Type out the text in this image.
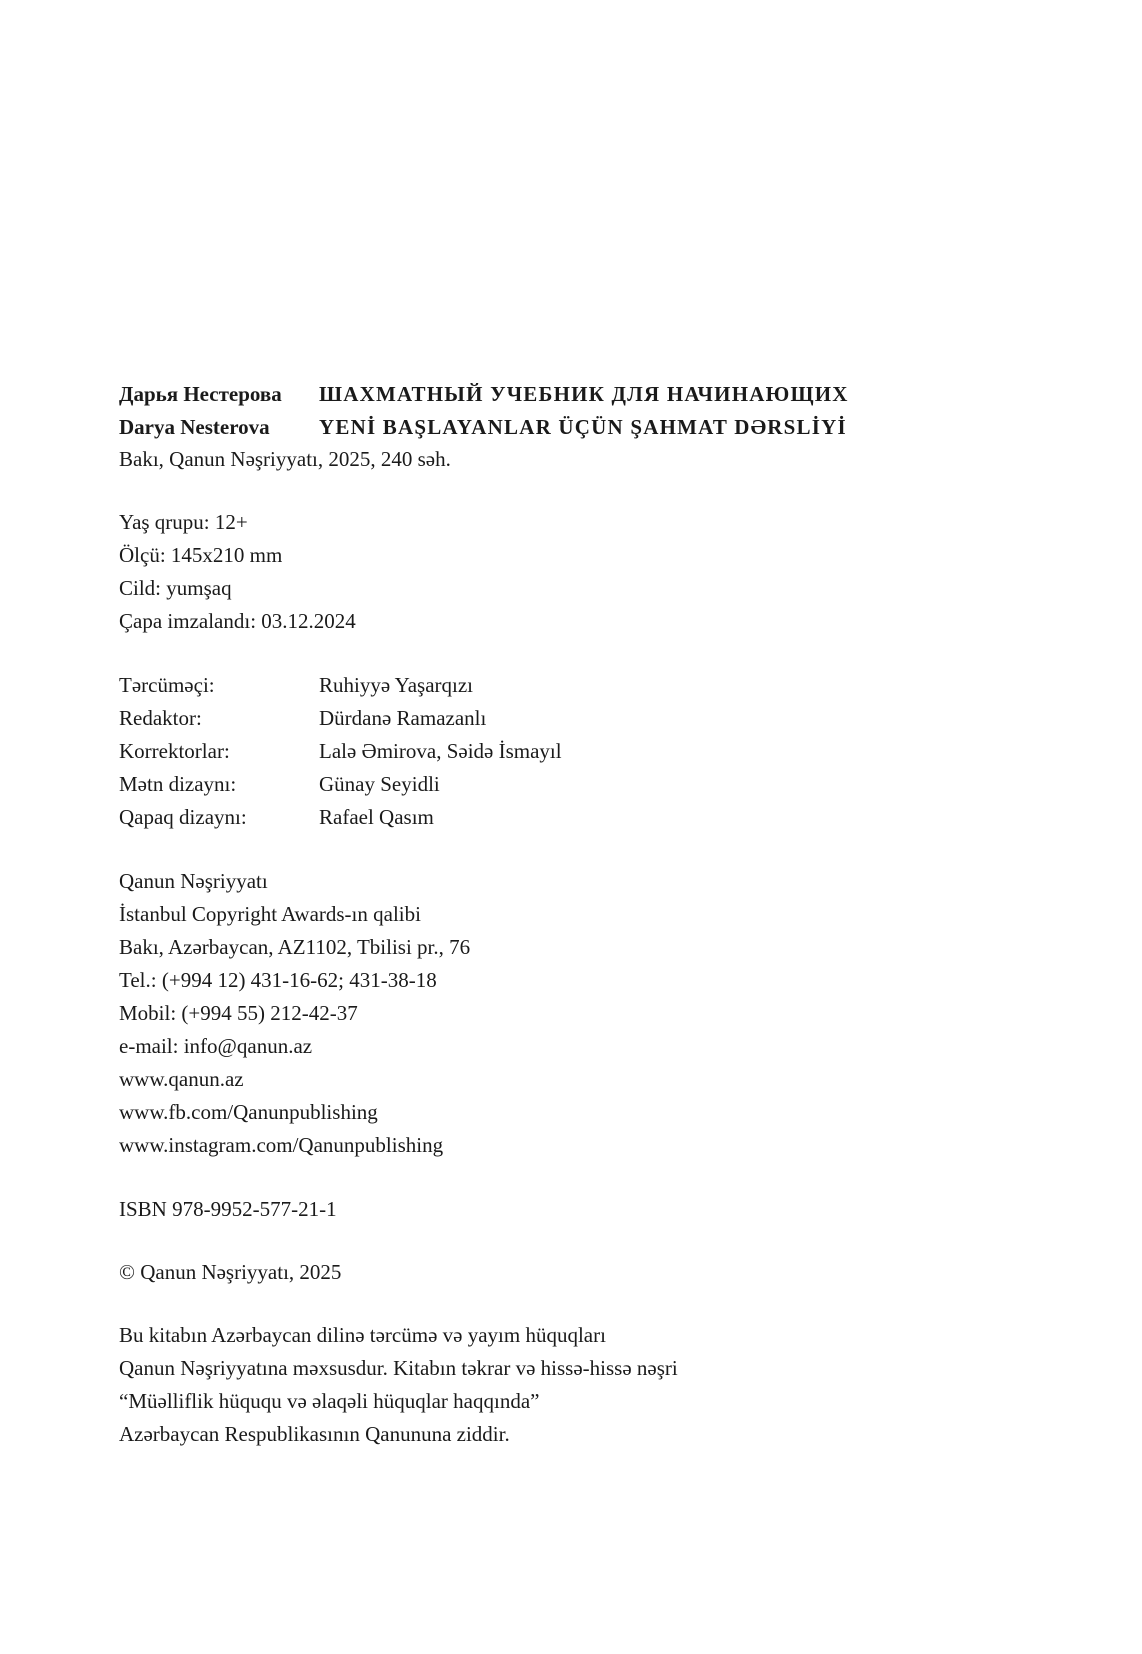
Дарья Нестерова	ШАХМАТНЫЙ УЧЕБНИК ДЛЯ НАЧИНАЮЩИХ
Darya Nesterova	YENİ BAŞLAYANLAR ÜÇÜN ŞAHMAT DƏRSLİYİ
Bakı, Qanun Nəşriyyatı, 2025, 240 səh.
Yaş qrupu: 12+
Ölçü: 145x210 mm
Cild: yumşaq
Çapa imzalandı: 03.12.2024
Tərcüməçi:	Ruhiyyə Yaşarqızı
Redaktor:	Dürdanə Ramazanlı
Korrektorlar:	Lalə Əmirova, Səidə İsmayıl
Mətn dizaynı:	Günay Seyidli
Qapaq dizaynı:	Rafael Qasım
Qanun Nəşriyyatı
İstanbul Copyright Awards-ın qalibi
Bakı, Azərbaycan, AZ1102, Tbilisi pr., 76
Tel.: (+994 12) 431-16-62; 431-38-18
Mobil: (+994 55) 212-42-37
e-mail: info@qanun.az
www.qanun.az
www.fb.com/Qanunpublishing
www.instagram.com/Qanunpublishing
ISBN 978-9952-577-21-1
© Qanun Nəşriyyatı, 2025
Bu kitabın Azərbaycan dilinə tərcümə və yayım hüquqları
Qanun Nəşriyyatına məxsusdur. Kitabın təkrar və hissə-hissə nəşri
“Müəlliflik hüququ və əlaqəli hüquqlar haqqında”
Azərbaycan Respublikasının Qanununa ziddir.
